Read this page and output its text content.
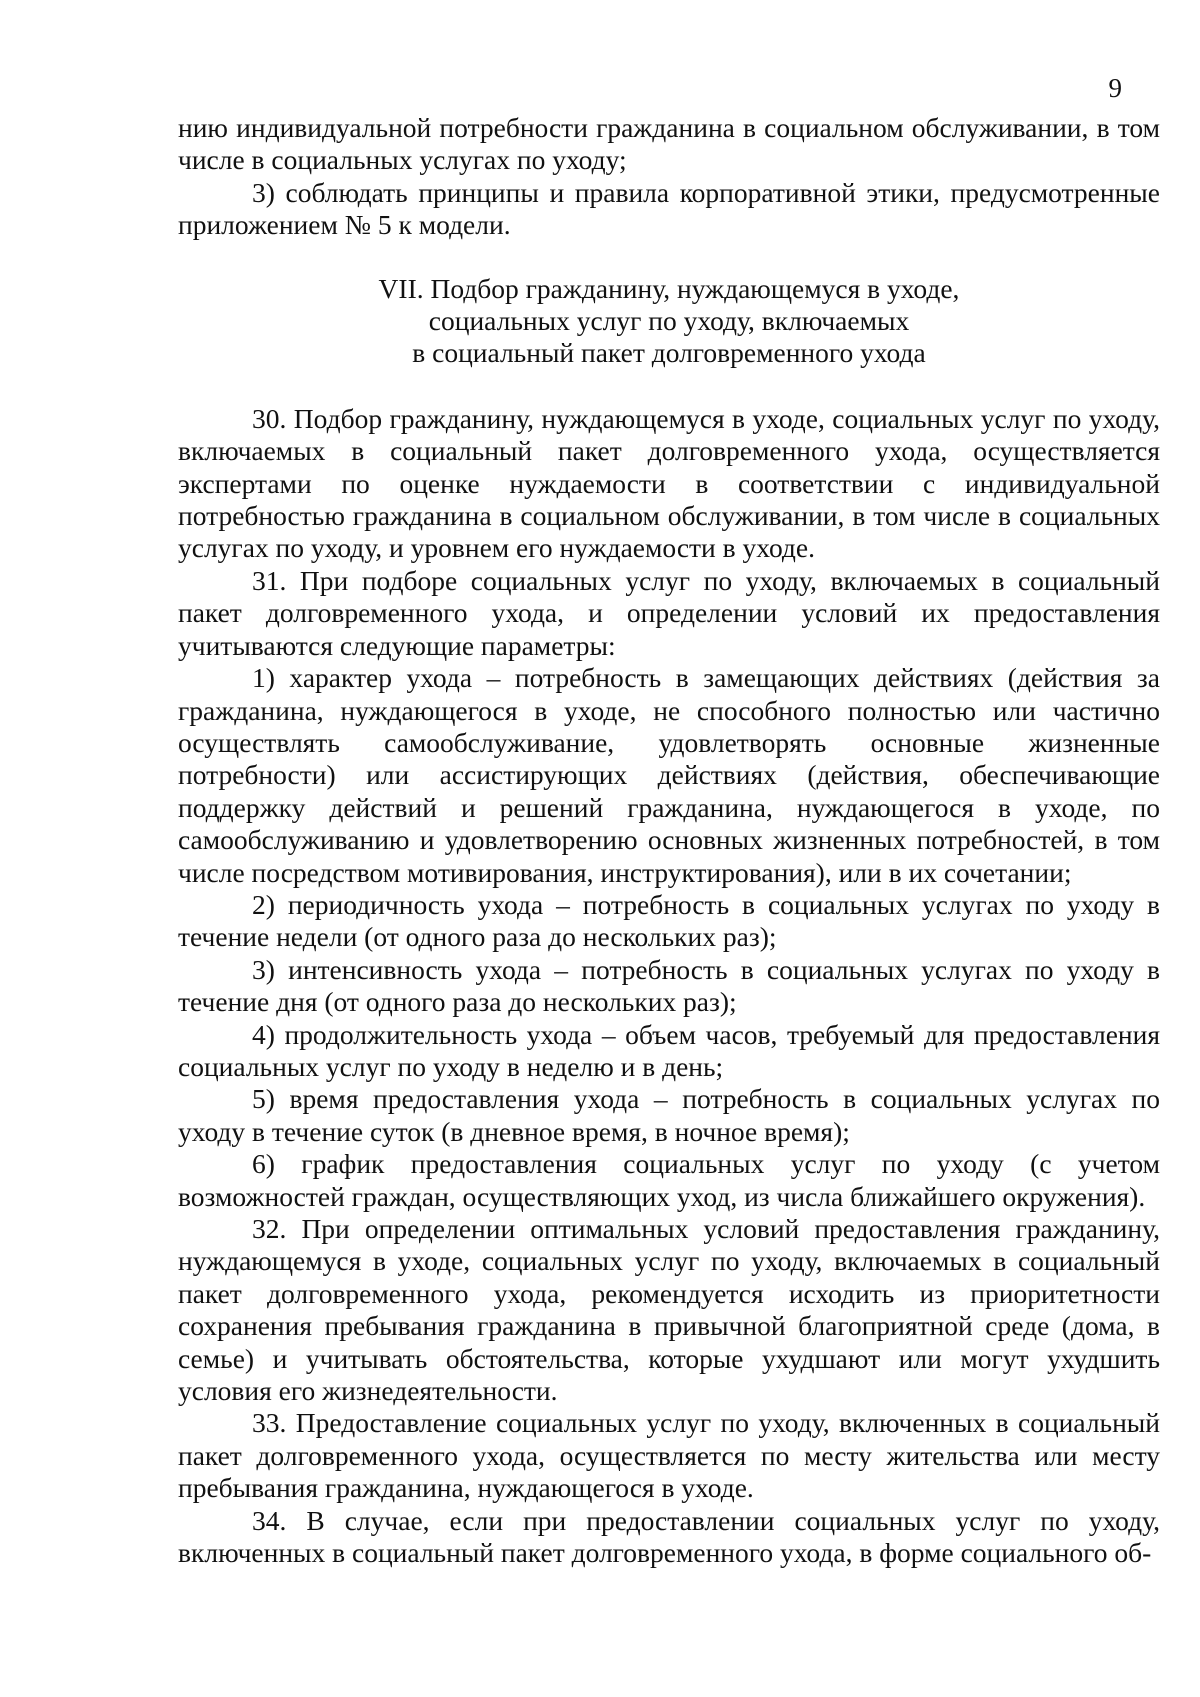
9

нию индивидуальной потребности гражданина в социальном обслуживании, в том числе в социальных услугах по уходу;

3) соблюдать принципы и правила корпоративной этики, предусмотренные приложением № 5 к модели.

VII. Подбор гражданину, нуждающемуся в уходе,
социальных услуг по уходу, включаемых
в социальный пакет долговременного ухода

30. Подбор гражданину, нуждающемуся в уходе, социальных услуг по уходу, включаемых в социальный пакет долговременного ухода, осуществляется экспертами по оценке нуждаемости в соответствии с индивидуальной потребностью гражданина в социальном обслуживании, в том числе в социальных услугах по уходу, и уровнем его нуждаемости в уходе.

31. При подборе социальных услуг по уходу, включаемых в социальный пакет долговременного ухода, и определении условий их предоставления учитываются следующие параметры:

1) характер ухода – потребность в замещающих действиях (действия за гражданина, нуждающегося в уходе, не способного полностью или частично осуществлять самообслуживание, удовлетворять основные жизненные потребности) или ассистирующих действиях (действия, обеспечивающие поддержку действий и решений гражданина, нуждающегося в уходе, по самообслуживанию и удовлетворению основных жизненных потребностей, в том числе посредством мотивирования, инструктирования), или в их сочетании;

2) периодичность ухода – потребность в социальных услугах по уходу в течение недели (от одного раза до нескольких раз);

3) интенсивность ухода – потребность в социальных услугах по уходу в течение дня (от одного раза до нескольких раз);

4) продолжительность ухода – объем часов, требуемый для предоставления социальных услуг по уходу в неделю и в день;

5) время предоставления ухода – потребность в социальных услугах по уходу в течение суток (в дневное время, в ночное время);

6) график предоставления социальных услуг по уходу (с учетом возможностей граждан, осуществляющих уход, из числа ближайшего окружения).

32. При определении оптимальных условий предоставления гражданину, нуждающемуся в уходе, социальных услуг по уходу, включаемых в социальный пакет долговременного ухода, рекомендуется исходить из приоритетности сохранения пребывания гражданина в привычной благоприятной среде (дома, в семье) и учитывать обстоятельства, которые ухудшают или могут ухудшить условия его жизнедеятельности.

33. Предоставление социальных услуг по уходу, включенных в социальный пакет долговременного ухода, осуществляется по месту жительства или месту пребывания гражданина, нуждающегося в уходе.

34. В случае, если при предоставлении социальных услуг по уходу, включенных в социальный пакет долговременного ухода, в форме социального об-
